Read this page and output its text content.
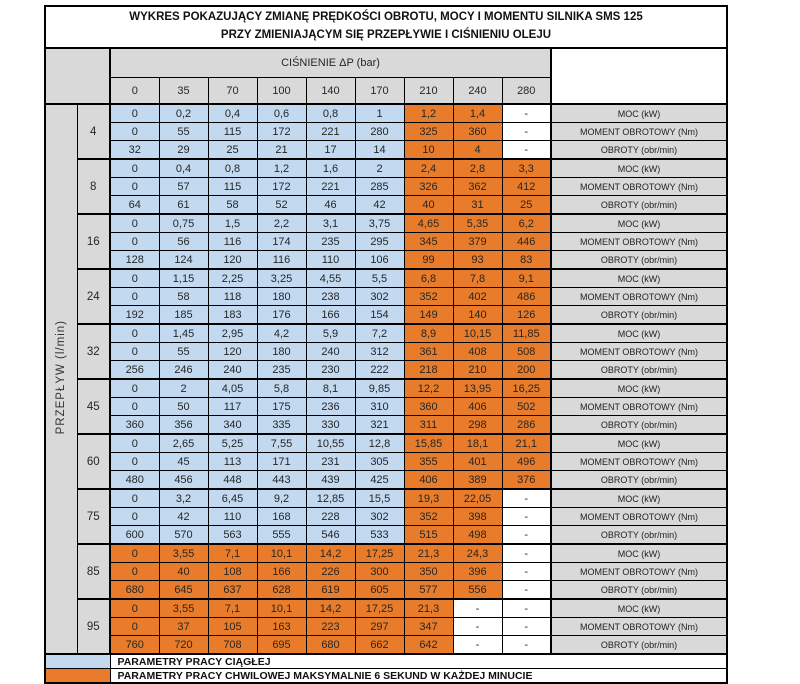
WYKRES POKAZUJĄCY ZMIANĘ PRĘDKOŚCI OBROTU, MOCY I MOMENTU SILNIKA SMS 125
PRZY ZMIENIAJĄCYM SIĘ PRZEPŁYWIE I CIŚNIENIU OLEJU											

		CIŚNIENIE ΔP (bar)									
		0	35	70	100	140	170	210	240	280	
PRZEPŁYW (l/min)	4	0	0,2	0,4	0,6	0,8	1	1,2	1,4	-	MOC (kW)
		0	55	115	172	221	280	325	360	-	MOMENT OBROTOWY (Nm)
		32	29	25	21	17	14	10	4	-	OBROTY (obr/min)
	8	0	0,4	0,8	1,2	1,6	2	2,4	2,8	3,3	MOC (kW)
		0	57	115	172	221	285	326	362	412	MOMENT OBROTOWY (Nm)
		64	61	58	52	46	42	40	31	25	OBROTY (obr/min)
	16	0	0,75	1,5	2,2	3,1	3,75	4,65	5,35	6,2	MOC (kW)
		0	56	116	174	235	295	345	379	446	MOMENT OBROTOWY (Nm)
		128	124	120	116	110	106	99	93	83	OBROTY (obr/min)
	24	0	1,15	2,25	3,25	4,55	5,5	6,8	7,8	9,1	MOC (kW)
		0	58	118	180	238	302	352	402	486	MOMENT OBROTOWY (Nm)
		192	185	183	176	166	154	149	140	126	OBROTY (obr/min)
	32	0	1,45	2,95	4,2	5,9	7,2	8,9	10,15	11,85	MOC (kW)
		0	55	120	180	240	312	361	408	508	MOMENT OBROTOWY (Nm)
		256	246	240	235	230	222	218	210	200	OBROTY (obr/min)
	45	0	2	4,05	5,8	8,1	9,85	12,2	13,95	16,25	MOC (kW)
		0	50	117	175	236	310	360	406	502	MOMENT OBROTOWY (Nm)
		360	356	340	335	330	321	311	298	286	OBROTY (obr/min)
	60	0	2,65	5,25	7,55	10,55	12,8	15,85	18,1	21,1	MOC (kW)
		0	45	113	171	231	305	355	401	496	MOMENT OBROTOWY (Nm)
		480	456	448	443	439	425	406	389	376	OBROTY (obr/min)
	75	0	3,2	6,45	9,2	12,85	15,5	19,3	22,05	-	MOC (kW)
		0	42	110	168	228	302	352	398	-	MOMENT OBROTOWY (Nm)
		600	570	563	555	546	533	515	498	-	OBROTY (obr/min)
	85	0	3,55	7,1	10,1	14,2	17,25	21,3	24,3	-	MOC (kW)
		0	40	108	166	226	300	350	396	-	MOMENT OBROTOWY (Nm)
		680	645	637	628	619	605	577	556	-	OBROTY (obr/min)
	95	0	3,55	7,1	10,1	14,2	17,25	21,3	-	-	MOC (kW)
		0	37	105	163	223	297	347	-	-	MOMENT OBROTOWY (Nm)
		760	720	708	695	680	662	642	-	-	OBROTY (obr/min)
		PARAMETRY PRACY CIĄGŁEJ									
		PARAMETRY PRACY CHWILOWEJ MAKSYMALNIE 6 SEKUND W KAŻDEJ MINUCIE									
